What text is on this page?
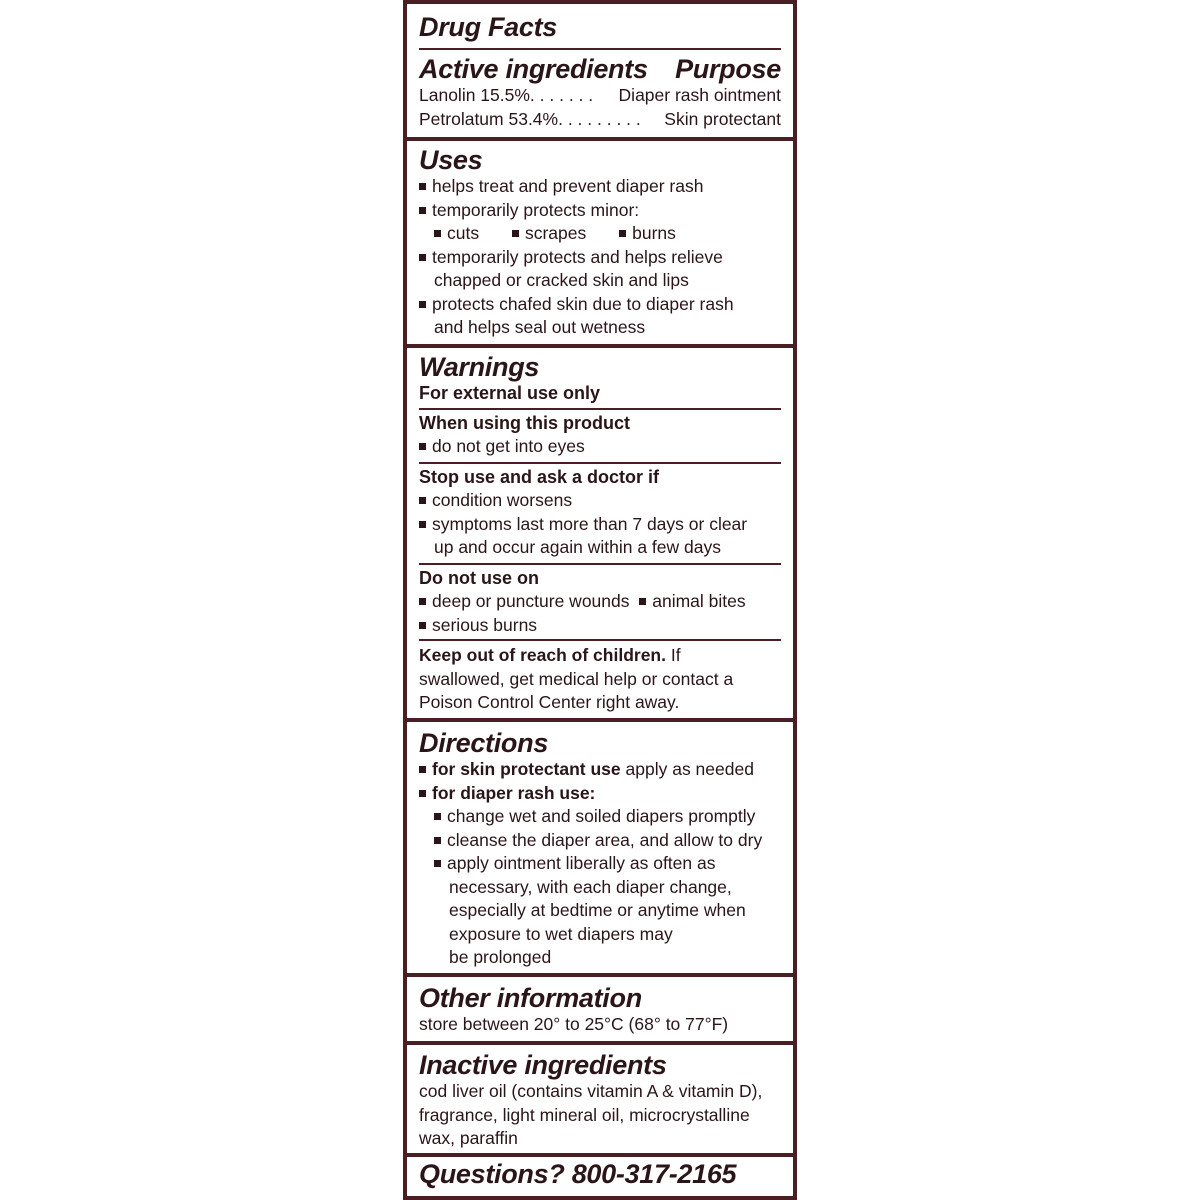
Drug Facts
Active ingredients Purpose
Lanolin 15.5%. . . . . . . Diaper rash ointment
Petrolatum 53.4%. . . . . . . . . Skin protectant
Uses
helps treat and prevent diaper rash
temporarily protects minor:
cuts	scrapes	burns
temporarily protects and helps relieve
chapped or cracked skin and lips
protects chafed skin due to diaper rash
and helps seal out wetness
Warnings
For external use only
When using this product
do not get into eyes
Stop use and ask a doctor if
condition worsens
symptoms last more than 7 days or clear
up and occur again within a few days
Do not use on
deep or puncture wounds animal bites
serious burns
Keep out of reach of children. If
swallowed, get medical help or contact a
Poison Control Center right away.
Directions
for skin protectant use apply as needed
for diaper rash use:
change wet and soiled diapers promptly
cleanse the diaper area, and allow to dry
apply ointment liberally as often as
necessary, with each diaper change,
especially at bedtime or anytime when
exposure to wet diapers may
be prolonged
Other information
store between 20° to 25°C (68° to 77°F)
Inactive ingredients
cod liver oil (contains vitamin A & vitamin D),
fragrance, light mineral oil, microcrystalline
wax, paraffin
Questions? 800-317-2165
